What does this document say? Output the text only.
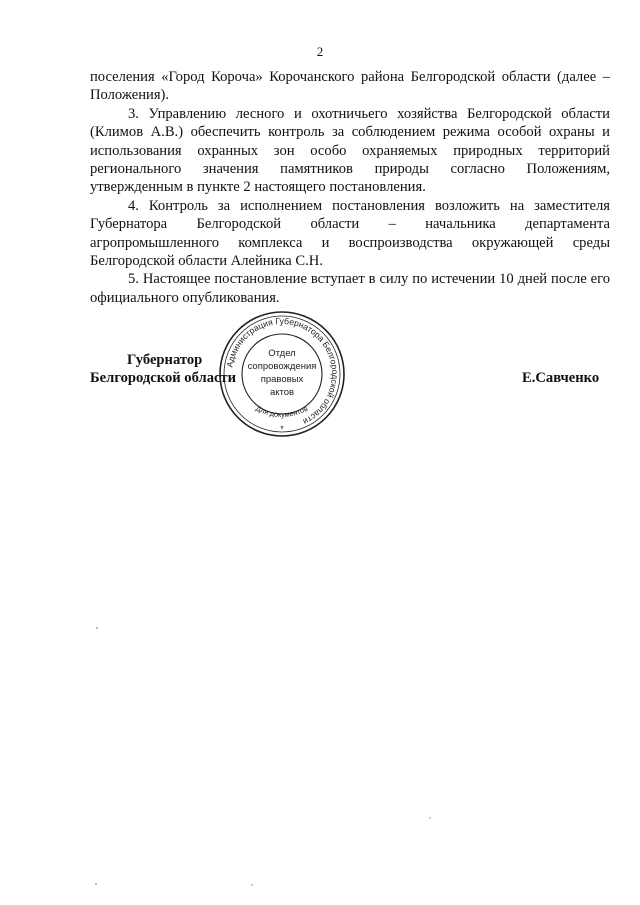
2

поселения «Город Короча» Корочанского района Белгородской области (далее – Положения).

3. Управлению лесного и охотничьего хозяйства Белгородской области (Климов А.В.) обеспечить контроль за соблюдением режима особой охраны и использования охранных зон особо охраняемых природных территорий регионального значения памятников природы согласно Положениям, утвержденным в пункте 2 настоящего постановления.

4. Контроль за исполнением постановления возложить на заместителя Губернатора Белгородской области – начальника департамента агропромышленного комплекса и воспроизводства окружающей среды Белгородской области Алейника С.Н.

5. Настоящее постановление вступает в силу по истечении 10 дней после его официального опубликования.

Губернатор
Белгородской области	Е.Савченко
Администрация Губернатора Белгородской области
Для документов
Отдел
сопровождения
правовых
актов
*
